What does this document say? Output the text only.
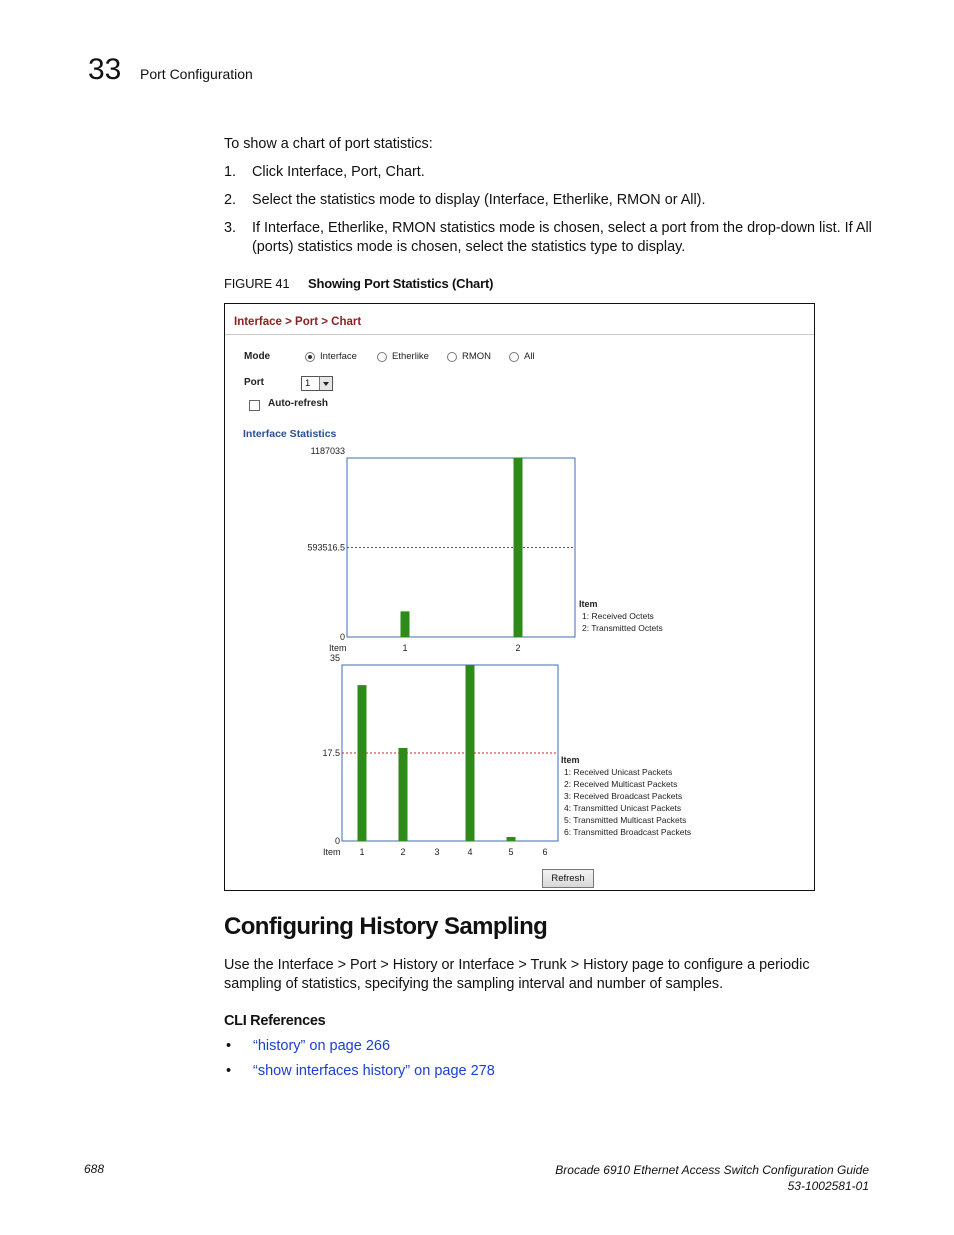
33 Port Configuration
To show a chart of port statistics:
1. Click Interface, Port, Chart.
2. Select the statistics mode to display (Interface, Etherlike, RMON or All).
3. If Interface, Etherlike, RMON statistics mode is chosen, select a port from the drop-down list. If All (ports) statistics mode is chosen, select the statistics type to display.
FIGURE 41 Showing Port Statistics (Chart)
Interface > Port > Chart
Mode	Interface	Etherlike	RMON	All
Port	1
Auto-refresh
Interface Statistics
1187033
593516.5
0
Item	1	2
Item
1: Received Octets
2: Transmitted Octets
35
17.5
0
Item 1	2	3	4	5	6
Item
1: Received Unicast Packets
2: Received Multicast Packets
3: Received Broadcast Packets
4: Transmitted Unicast Packets
5: Transmitted Multicast Packets
6: Transmitted Broadcast Packets
Refresh
Configuring History Sampling
Use the Interface > Port > History or Interface > Trunk > History page to configure a periodic sampling of statistics, specifying the sampling interval and number of samples.
CLI References
• “history” on page 266
• “show interfaces history” on page 278
688	Brocade 6910 Ethernet Access Switch Configuration Guide
53-1002581-01
